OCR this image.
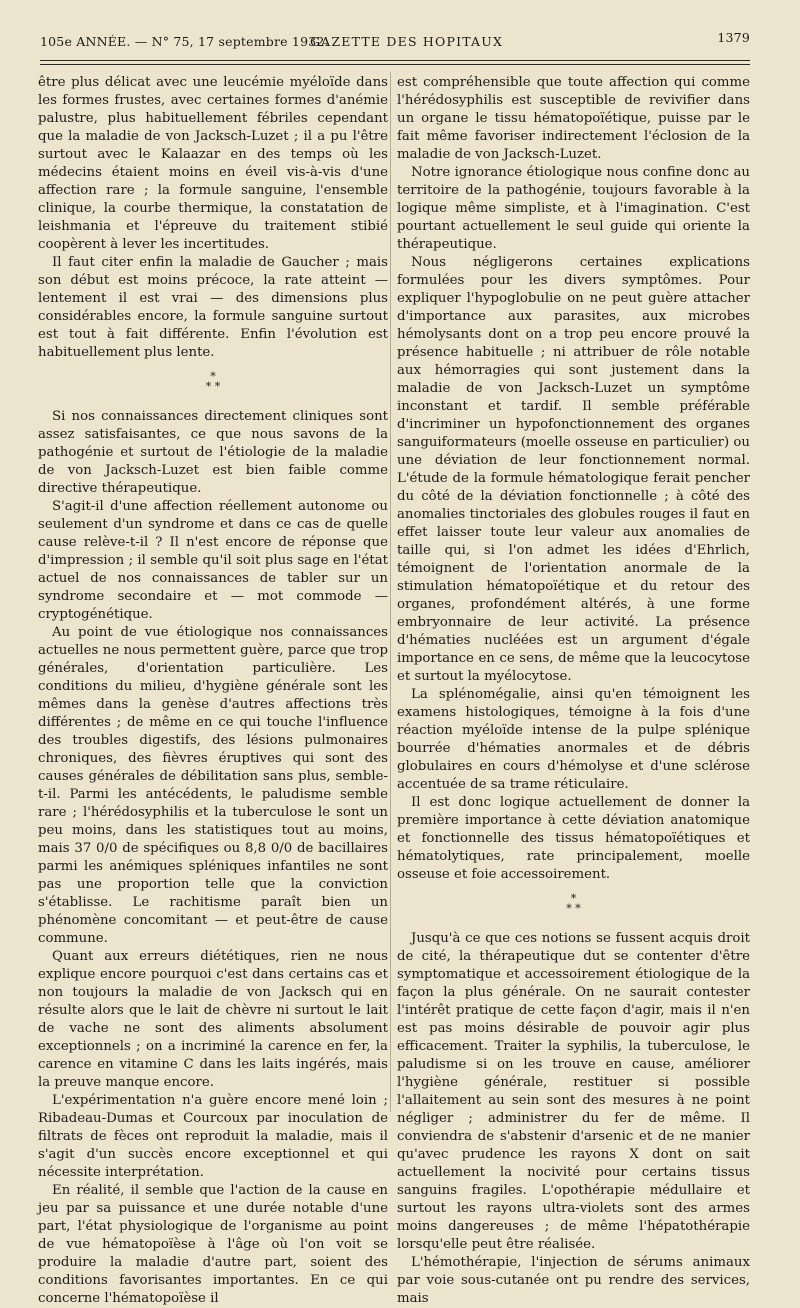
105e ANNÉE. — N° 75, 17 septembre 1932.
GAZETTE DES HOPITAUX	1379

être plus délicat avec une leucémie myéloïde dans les formes frustes, avec certaines formes d'anémie palustre, plus habituellement fébriles cependant que la maladie de von Jacksch-Luzet ; il a pu l'être surtout avec le Kalaazar en des temps où les médecins étaient moins en éveil vis-à-vis d'une affection rare ; la formule sanguine, l'ensemble clinique, la courbe thermique, la constatation de leishmania et l'épreuve du traitement stibié coopèrent à lever les incertitudes.

Il faut citer enfin la maladie de Gaucher ; mais son début est moins précoce, la rate atteint — lentement il est vrai — des dimensions plus considérables encore, la formule sanguine surtout est tout à fait différente. Enfin l'évolution est habituellement plus lente.

*
* *

Si nos connaissances directement cliniques sont assez satisfaisantes, ce que nous savons de la pathogénie et surtout de l'étiologie de la maladie de von Jacksch-Luzet est bien faible comme directive thérapeutique.

S'agit-il d'une affection réellement autonome ou seulement d'un syndrome et dans ce cas de quelle cause relève-t-il ? Il n'est encore de réponse que d'impression ; il semble qu'il soit plus sage en l'état actuel de nos connaissances de tabler sur un syndrome secondaire et — mot commode — cryptogénétique.

Au point de vue étiologique nos connaissances actuelles ne nous permettent guère, parce que trop générales, d'orientation particulière. Les conditions du milieu, d'hygiène générale sont les mêmes dans la genèse d'autres affections très différentes ; de même en ce qui touche l'influence des troubles digestifs, des lésions pulmonaires chroniques, des fièvres éruptives qui sont des causes générales de débilitation sans plus, semble-t-il. Parmi les antécédents, le paludisme semble rare ; l'hérédosyphilis et la tuberculose le sont un peu moins, dans les statistiques tout au moins, mais 37 0/0 de spécifiques ou 8,8 0/0 de bacillaires parmi les anémiques spléniques infantiles ne sont pas une proportion telle que la conviction s'établisse. Le rachitisme paraît bien un phénomène concomitant — et peut-être de cause commune.

Quant aux erreurs diététiques, rien ne nous explique encore pourquoi c'est dans certains cas et non toujours la maladie de von Jacksch qui en résulte alors que le lait de chèvre ni surtout le lait de vache ne sont des aliments absolument exceptionnels ; on a incriminé la carence en fer, la carence en vitamine C dans les laits ingérés, mais la preuve manque encore.

L'expérimentation n'a guère encore mené loin ; Ribadeau-Dumas et Courcoux par inoculation de filtrats de fèces ont reproduit la maladie, mais il s'agit d'un succès encore exceptionnel et qui nécessite interprétation.

En réalité, il semble que l'action de la cause en jeu par sa puissance et une durée notable d'une part, l'état physiologique de l'organisme au point de vue hématopoïèse à l'âge où l'on voit se produire la maladie d'autre part, soient des conditions favorisantes importantes. En ce qui concerne l'hématopoïèse il

est compréhensible que toute affection qui comme l'hérédosyphilis est susceptible de revivifier dans un organe le tissu hématopoïétique, puisse par le fait même favoriser indirectement l'éclosion de la maladie de von Jacksch-Luzet.

Notre ignorance étiologique nous confine donc au territoire de la pathogénie, toujours favorable à la logique même simpliste, et à l'imagination. C'est pourtant actuellement le seul guide qui oriente la thérapeutique.

Nous négligerons certaines explications formulées pour les divers symptômes. Pour expliquer l'hypoglobulie on ne peut guère attacher d'importance aux parasites, aux microbes hémolysants dont on a trop peu encore prouvé la présence habituelle ; ni attribuer de rôle notable aux hémorragies qui sont justement dans la maladie de von Jacksch-Luzet un symptôme inconstant et tardif. Il semble préférable d'incriminer un hypofonctionnement des organes sanguiformateurs (moelle osseuse en particulier) ou une déviation de leur fonctionnement normal. L'étude de la formule hématologique ferait pencher du côté de la déviation fonctionnelle ; à côté des anomalies tinctoriales des globules rouges il faut en effet laisser toute leur valeur aux anomalies de taille qui, si l'on admet les idées d'Ehrlich, témoignent de l'orientation anormale de la stimulation hématopoïétique et du retour des organes, profondément altérés, à une forme embryonnaire de leur activité. La présence d'hématies nucléées est un argument d'égale importance en ce sens, de même que la leucocytose et surtout la myélocytose.

La splénomégalie, ainsi qu'en témoignent les examens histologiques, témoigne à la fois d'une réaction myéloïde intense de la pulpe splénique bourrée d'hématies anormales et de débris globulaires en cours d'hémolyse et d'une sclérose accentuée de sa trame réticulaire.

Il est donc logique actuellement de donner la première importance à cette déviation anatomique et fonctionnelle des tissus hématopoïétiques et hématolytiques, rate principalement, moelle osseuse et foie accessoirement.

*
* *

Jusqu'à ce que ces notions se fussent acquis droit de cité, la thérapeutique dut se contenter d'être symptomatique et accessoirement étiologique de la façon la plus générale. On ne saurait contester l'intérêt pratique de cette façon d'agir, mais il n'en est pas moins désirable de pouvoir agir plus efficacement. Traiter la syphilis, la tuberculose, le paludisme si on les trouve en cause, améliorer l'hygiène générale, restituer si possible l'allaitement au sein sont des mesures à ne point négliger ; administrer du fer de même. Il conviendra de s'abstenir d'arsenic et de ne manier qu'avec prudence les rayons X dont on sait actuellement la nocivité pour certains tissus sanguins fragiles. L'opothérapie médullaire et surtout les rayons ultra-violets sont des armes moins dangereuses ; de même l'hépatothérapie lorsqu'elle peut être réalisée.

L'hémothérapie, l'injection de sérums animaux par voie sous-cutanée ont pu rendre des services, mais
